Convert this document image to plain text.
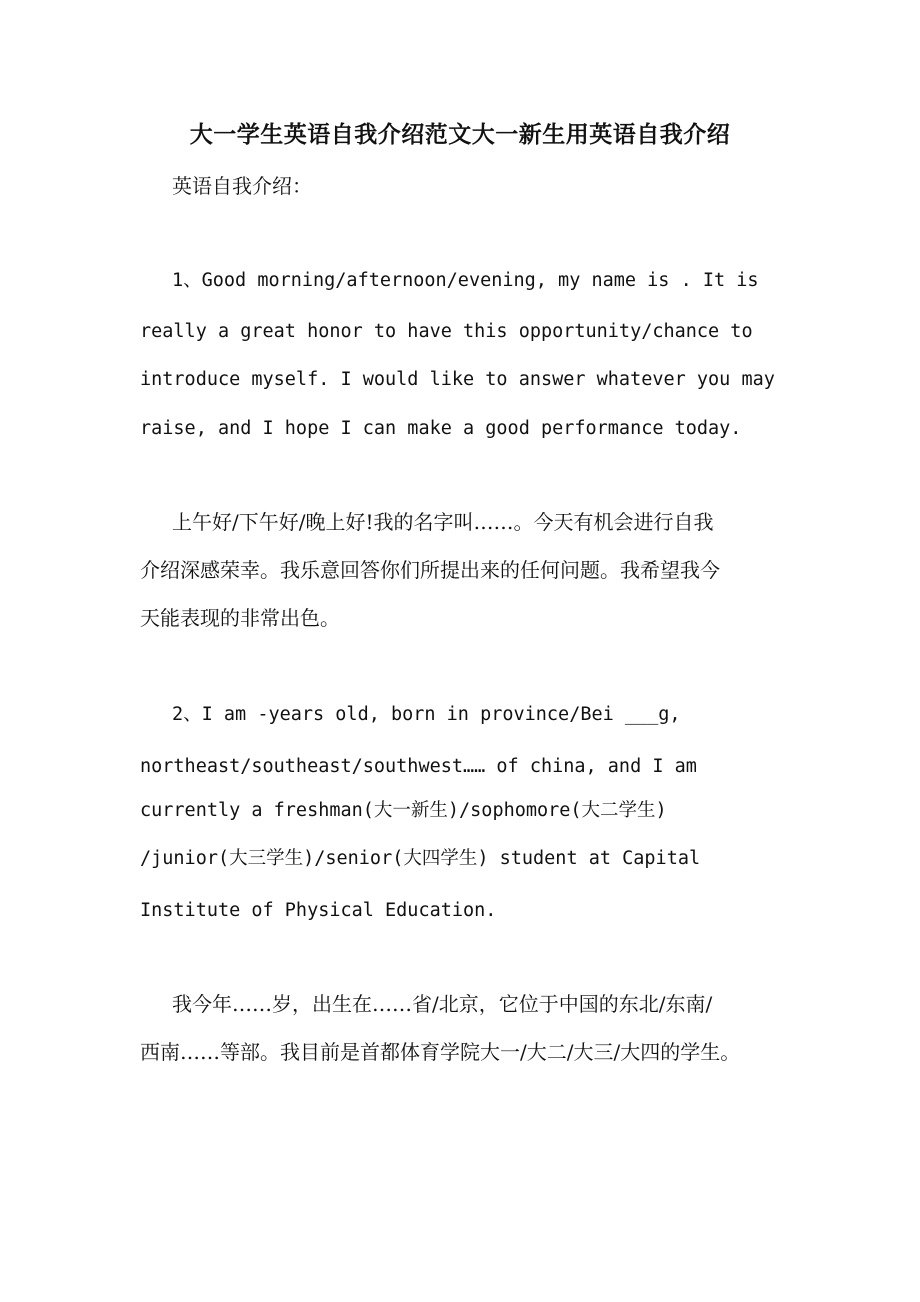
大一学生英语自我介绍范文大一新生用英语自我介绍
英语自我介绍：
1、Good morning/afternoon/evening, my name is . It is
really a great honor to have this opportunity/chance to
introduce myself. I would like to answer whatever you may
raise, and I hope I can make a good performance today.
上午好/下午好/晚上好!我的名字叫……。今天有机会进行自我
介绍深感荣幸。我乐意回答你们所提出来的任何问题。我希望我今
天能表现的非常出色。
2、I am -years old, born in province/Bei ___g,
northeast/southeast/southwest…… of china, and I am
currently a freshman(大一新生)/sophomore(大二学生)
/junior(大三学生)/senior(大四学生) student at Capital
Institute of Physical Education.
我今年……岁，出生在……省/北京，它位于中国的东北/东南/
西南……等部。我目前是首都体育学院大一/大二/大三/大四的学生。
